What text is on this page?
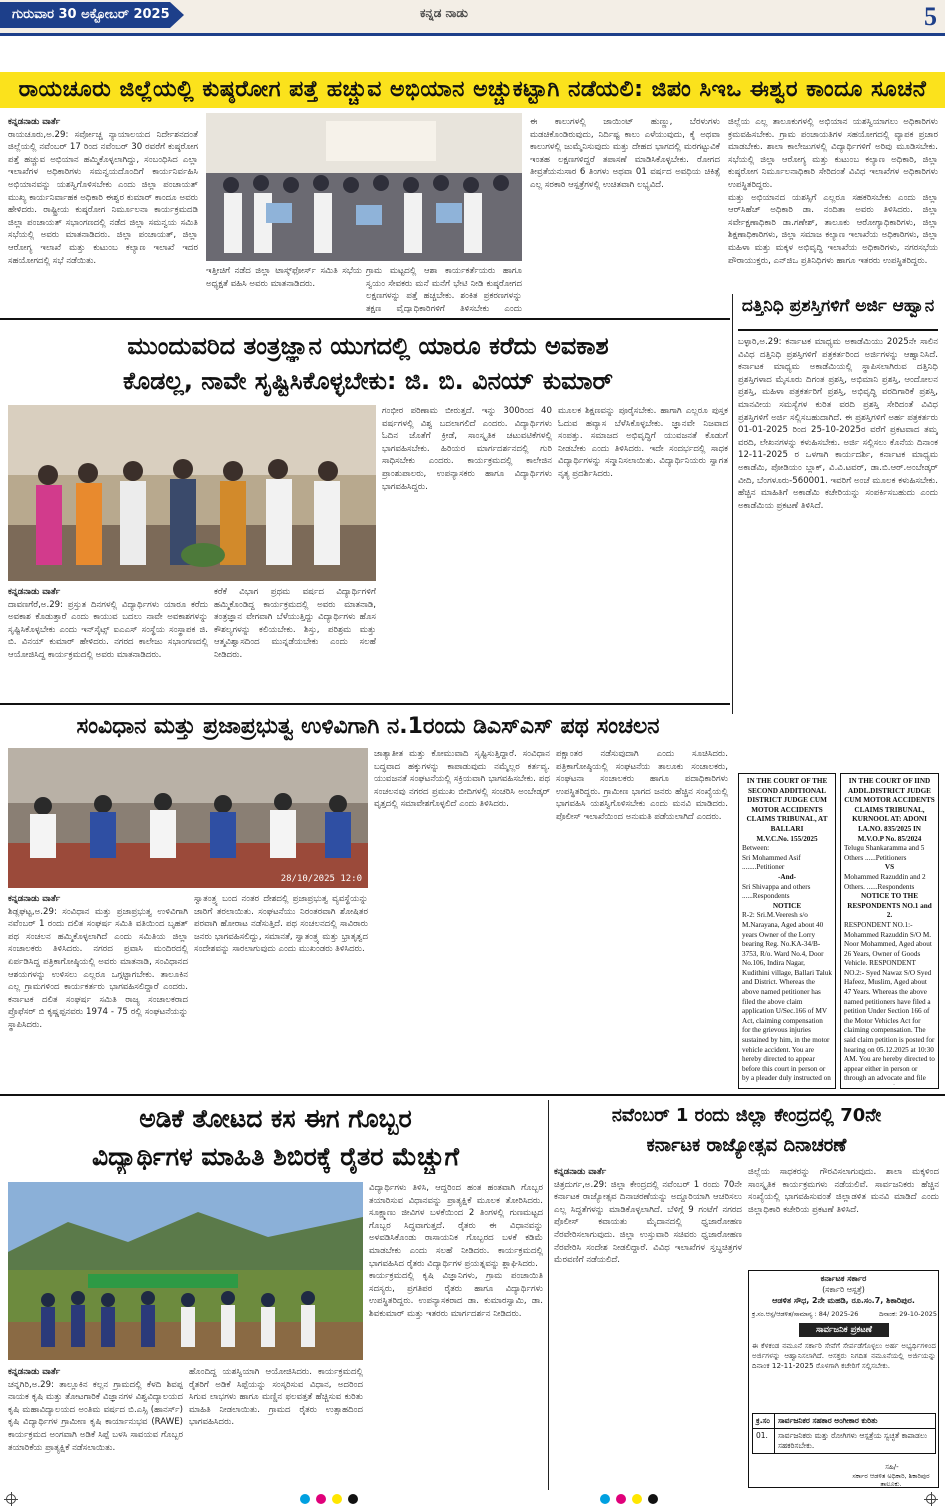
ಗುರುವಾರ 30 ಅಕ್ಟೋಬರ್ 2025	ಕನ್ನಡ ನಾಡು	5
ರಾಯಚೂರು ಜಿಲ್ಲೆಯಲ್ಲಿ ಕುಷ್ಠರೋಗ ಪತ್ತೆ ಹಚ್ಚುವ ಅಭಿಯಾನ ಅಚ್ಚುಕಟ್ಟಾಗಿ ನಡೆಯಲಿ: ಜಿಪಂ ಸಿಇಒ ಈಶ್ವರ ಕಾಂದೂ ಸೂಚನೆ
ಕನ್ನಡನಾಡು ವಾರ್ತೆ
ರಾಯಚೂರು,ಅ.29: ಸರ್ವೋಚ್ಚ ನ್ಯಾಯಾಲಯದ ನಿರ್ದೇಶನದಂತೆ ಜಿಲ್ಲೆಯಲ್ಲಿ ನವೆಂಬರ್ 17 ರಿಂದ ನವೆಂಬರ್ 30 ರವರೆಗೆ ಕುಷ್ಠರೋಗ ಪತ್ತೆ ಹಚ್ಚುವ ಅಭಿಯಾನ ಹಮ್ಮಿಕೊಳ್ಳಲಾಗಿದ್ದು, ಸಂಬಂಧಿಸಿದ ಎಲ್ಲಾ ಇಲಾಖೆಗಳ ಅಧಿಕಾರಿಗಳು ಸಮನ್ವಯದೊಂದಿಗೆ ಕಾರ್ಯನಿರ್ವಹಿಸಿ ಅಭಿಯಾನವನ್ನು ಯಶಸ್ವಿಗೊಳಿಸಬೇಕು ಎಂದು ಜಿಲ್ಲಾ ಪಂಚಾಯತ್ ಮುಖ್ಯ ಕಾರ್ಯನಿರ್ವಾಹಕ ಅಧಿಕಾರಿ ಈಶ್ವರ ಕುಮಾರ್ ಕಾಂದೂ ಅವರು ಹೇಳಿದರು. ರಾಷ್ಟ್ರೀಯ ಕುಷ್ಠರೋಗ ನಿರ್ಮೂಲನಾ ಕಾರ್ಯಕ್ರಮದಡಿ ಜಿಲ್ಲಾ ಪಂಚಾಯತ್ ಸಭಾಂಗಣದಲ್ಲಿ ನಡೆದ ಜಿಲ್ಲಾ ಸಮನ್ವಯ ಸಮಿತಿ ಸಭೆಯಲ್ಲಿ ಅವರು ಮಾತನಾಡಿದರು. ಜಿಲ್ಲಾ ಪಂಚಾಯತ್, ಜಿಲ್ಲಾ ಆರೋಗ್ಯ ಇಲಾಖೆ ಮತ್ತು ಕುಟುಂಬ ಕಲ್ಯಾಣ ಇಲಾಖೆ ಇದರ ಸಹಯೋಗದಲ್ಲಿ ಸಭೆ ನಡೆಯಿತು.
ಇತ್ತೀಚಿಗೆ ನಡೆದ ಜಿಲ್ಲಾ ಟಾಸ್ಕ್‌ಫೋರ್ಸ್ ಸಮಿತಿ ಸಭೆಯ ಅಧ್ಯಕ್ಷತೆ ವಹಿಸಿ ಅವರು ಮಾತನಾಡಿದರು.
ಗ್ರಾಮ ಮಟ್ಟದಲ್ಲಿ ಆಶಾ ಕಾರ್ಯಕರ್ತೆಯರು ಹಾಗೂ ಸ್ವಯಂ ಸೇವಕರು ಮನೆ ಮನೆಗೆ ಭೇಟಿ ನೀಡಿ ಕುಷ್ಠರೋಗದ ಲಕ್ಷಣಗಳನ್ನು ಪತ್ತೆ ಹಚ್ಚಬೇಕು. ಶಂಕಿತ ಪ್ರಕರಣಗಳನ್ನು ತಕ್ಷಣ ವೈದ್ಯಾಧಿಕಾರಿಗಳಿಗೆ ತಿಳಿಸಬೇಕು ಎಂದು
ಈ ಕಾಲುಗಳಲ್ಲಿ ಜಾಯಿಂಟ್ ಹುಣ್ಣು, ಬೆರಳುಗಳು ಮಡಚಿಕೊಂಡಿರುವುದು, ನಿರ್ದಿಷ್ಟ ಕಾಲು ಎಳೆಯುವುದು, ಕೈ ಅಥವಾ ಕಾಲುಗಳಲ್ಲಿ ಜುಮ್ಮೆನಿಸುವುದು ಮತ್ತು ದೇಹದ ಭಾಗದಲ್ಲಿ ಮರಗಟ್ಟುವಿಕೆ ಇಂತಹ ಲಕ್ಷಣಗಳಿದ್ದರೆ ತಪಾಸಣೆ ಮಾಡಿಸಿಕೊಳ್ಳಬೇಕು. ರೋಗದ ತೀವ್ರತೆಯನುಸಾರ 6 ತಿಂಗಳು ಅಥವಾ 01 ವರ್ಷದ ಅವಧಿಯ ಚಿಕಿತ್ಸೆ ಎಲ್ಲ ಸರಕಾರಿ ಆಸ್ಪತ್ರೆಗಳಲ್ಲಿ ಉಚಿತವಾಗಿ ಲಭ್ಯವಿದೆ.
ಜಿಲ್ಲೆಯ ಎಲ್ಲ ತಾಲೂಕುಗಳಲ್ಲಿ ಅಭಿಯಾನ ಯಶಸ್ವಿಯಾಗಲು ಅಧಿಕಾರಿಗಳು ಕ್ರಮವಹಿಸಬೇಕು. ಗ್ರಾಮ ಪಂಚಾಯತಿಗಳ ಸಹಯೋಗದಲ್ಲಿ ವ್ಯಾಪಕ ಪ್ರಚಾರ ಮಾಡಬೇಕು. ಶಾಲಾ ಕಾಲೇಜುಗಳಲ್ಲಿ ವಿದ್ಯಾರ್ಥಿಗಳಿಗೆ ಅರಿವು ಮೂಡಿಸಬೇಕು. ಸಭೆಯಲ್ಲಿ ಜಿಲ್ಲಾ ಆರೋಗ್ಯ ಮತ್ತು ಕುಟುಂಬ ಕಲ್ಯಾಣ ಅಧಿಕಾರಿ, ಜಿಲ್ಲಾ ಕುಷ್ಠರೋಗ ನಿರ್ಮೂಲನಾಧಿಕಾರಿ ಸೇರಿದಂತೆ ವಿವಿಧ ಇಲಾಖೆಗಳ ಅಧಿಕಾರಿಗಳು ಉಪಸ್ಥಿತರಿದ್ದರು.
ಮತ್ತು ಅಭಿಯಾನದ ಯಶಸ್ಸಿಗೆ ಎಲ್ಲರೂ ಸಹಕರಿಸಬೇಕು ಎಂದು ಜಿಲ್ಲಾ ಆರ್‌ಸಿಹೆಚ್ ಅಧಿಕಾರಿ ಡಾ. ನಂದಿತಾ ಅವರು ತಿಳಿಸಿದರು. ಜಿಲ್ಲಾ ಸರ್ವೇಕ್ಷಣಾಧಿಕಾರಿ ಡಾ.ಗಣೇಶ್, ತಾಲೂಕು ಆರೋಗ್ಯಾಧಿಕಾರಿಗಳು, ಜಿಲ್ಲಾ ಶಿಕ್ಷಣಾಧಿಕಾರಿಗಳು, ಜಿಲ್ಲಾ ಸಮಾಜ ಕಲ್ಯಾಣ ಇಲಾಖೆಯ ಅಧಿಕಾರಿಗಳು, ಜಿಲ್ಲಾ ಮಹಿಳಾ ಮತ್ತು ಮಕ್ಕಳ ಅಭಿವೃದ್ಧಿ ಇಲಾಖೆಯ ಅಧಿಕಾರಿಗಳು, ನಗರಸಭೆಯ ಪೌರಾಯುಕ್ತರು, ಎನ್‌ಜಿಒ ಪ್ರತಿನಿಧಿಗಳು ಹಾಗೂ ಇತರರು ಉಪಸ್ಥಿತರಿದ್ದರು.
ಮುಂದುವರಿದ ತಂತ್ರಜ್ಞಾನ ಯುಗದಲ್ಲಿ ಯಾರೂ ಕರೆದು ಅವಕಾಶ
ಕೊಡಲ್ಲ, ನಾವೇ ಸೃಷ್ಟಿಸಿಕೊಳ್ಳಬೇಕು: ಜಿ. ಬಿ. ವಿನಯ್ ಕುಮಾರ್
ಕನ್ನಡನಾಡು ವಾರ್ತೆ
ದಾವಣಗೆರೆ,ಅ.29: ಪ್ರಸ್ತುತ ದಿನಗಳಲ್ಲಿ ವಿದ್ಯಾರ್ಥಿಗಳು ಯಾರೂ ಕರೆದು ಅವಕಾಶ ಕೊಡುತ್ತಾರೆ ಎಂದು ಕಾಯುವ ಬದಲು ನಾವೇ ಅವಕಾಶಗಳನ್ನು ಸೃಷ್ಟಿಸಿಕೊಳ್ಳಬೇಕು ಎಂದು ಇನ್‌ಸೈಟ್ಸ್ ಐಎಎಸ್ ಸಂಸ್ಥೆಯ ಸಂಸ್ಥಾಪಕ ಜಿ. ಬಿ. ವಿನಯ್ ಕುಮಾರ್ ಹೇಳಿದರು. ನಗರದ ಕಾಲೇಜು ಸಭಾಂಗಣದಲ್ಲಿ ಆಯೋಜಿಸಿದ್ದ ಕಾರ್ಯಕ್ರಮದಲ್ಲಿ ಅವರು ಮಾತನಾಡಿದರು.
ಕರೆಕೆ ವಿಭಾಗ ಪ್ರಥಮ ವರ್ಷದ ವಿದ್ಯಾರ್ಥಿಗಳಿಗೆ ಹಮ್ಮಿಕೊಂಡಿದ್ದ ಕಾರ್ಯಕ್ರಮದಲ್ಲಿ ಅವರು ಮಾತನಾಡಿ, ತಂತ್ರಜ್ಞಾನ ವೇಗವಾಗಿ ಬೆಳೆಯುತ್ತಿದ್ದು ವಿದ್ಯಾರ್ಥಿಗಳು ಹೊಸ ಕೌಶಲ್ಯಗಳನ್ನು ಕಲಿಯಬೇಕು. ಶಿಸ್ತು, ಪರಿಶ್ರಮ ಮತ್ತು ಆತ್ಮವಿಶ್ವಾಸದಿಂದ ಮುನ್ನಡೆಯಬೇಕು ಎಂದು ಸಲಹೆ ನೀಡಿದರು.
ಗಂಭೀರ ಪರಿಣಾಮ ಬೀರುತ್ತದೆ. ಇನ್ನು 300ರಿಂದ 40 ವರ್ಷಗಳಲ್ಲಿ ವಿಶ್ವ ಬದಲಾಗಲಿದೆ ಎಂದರು. ವಿದ್ಯಾರ್ಥಿಗಳು ಓದಿನ ಜೊತೆಗೆ ಕ್ರೀಡೆ, ಸಾಂಸ್ಕೃತಿಕ ಚಟುವಟಿಕೆಗಳಲ್ಲಿ ಭಾಗವಹಿಸಬೇಕು. ಹಿರಿಯರ ಮಾರ್ಗದರ್ಶನದಲ್ಲಿ ಗುರಿ ಸಾಧಿಸಬೇಕು ಎಂದರು. ಕಾರ್ಯಕ್ರಮದಲ್ಲಿ ಕಾಲೇಜಿನ ಪ್ರಾಂಶುಪಾಲರು, ಉಪನ್ಯಾಸಕರು ಹಾಗೂ ವಿದ್ಯಾರ್ಥಿಗಳು ಭಾಗವಹಿಸಿದ್ದರು.
ಮೂಲಕ ಶಿಕ್ಷಣವನ್ನು ಪೂರೈಸಬೇಕು. ಹಾಗಾಗಿ ಎಲ್ಲರೂ ಪುಸ್ತಕ ಓದುವ ಹವ್ಯಾಸ ಬೆಳೆಸಿಕೊಳ್ಳಬೇಕು. ಜ್ಞಾನವೇ ನಿಜವಾದ ಸಂಪತ್ತು. ಸಮಾಜದ ಅಭಿವೃದ್ಧಿಗೆ ಯುವಜನತೆ ಕೊಡುಗೆ ನೀಡಬೇಕು ಎಂದು ತಿಳಿಸಿದರು. ಇದೇ ಸಂದರ್ಭದಲ್ಲಿ ಸಾಧಕ ವಿದ್ಯಾರ್ಥಿಗಳನ್ನು ಸನ್ಮಾನಿಸಲಾಯಿತು. ವಿದ್ಯಾರ್ಥಿನಿಯರು ಸ್ವಾಗತ ನೃತ್ಯ ಪ್ರದರ್ಶಿಸಿದರು.
ದತ್ತಿನಿಧಿ ಪ್ರಶಸ್ತಿಗಳಿಗೆ ಅರ್ಜಿ ಆಹ್ವಾನ
ಬಳ್ಳಾರಿ,ಅ.29: ಕರ್ನಾಟಕ ಮಾಧ್ಯಮ ಅಕಾಡೆಮಿಯು 2025ನೇ ಸಾಲಿನ ವಿವಿಧ ದತ್ತಿನಿಧಿ ಪ್ರಶಸ್ತಿಗಳಿಗೆ ಪತ್ರಕರ್ತರಿಂದ ಅರ್ಜಿಗಳನ್ನು ಆಹ್ವಾನಿಸಿದೆ. ಕರ್ನಾಟಕ ಮಾಧ್ಯಮ ಅಕಾಡೆಮಿಯಲ್ಲಿ ಸ್ಥಾಪಿಸಲಾಗಿರುವ ದತ್ತಿನಿಧಿ ಪ್ರಶಸ್ತಿಗಳಾದ ಮೈಸೂರು ದಿಗಂತ ಪ್ರಶಸ್ತಿ, ಅಭಿಮಾನಿ ಪ್ರಶಸ್ತಿ, ಆಂದೋಲನ ಪ್ರಶಸ್ತಿ, ಮಹಿಳಾ ಪತ್ರಕರ್ತರಿಗೆ ಪ್ರಶಸ್ತಿ, ಅಭಿವೃದ್ಧಿ ವರದಿಗಾರಿಕೆ ಪ್ರಶಸ್ತಿ, ಮಾನವೀಯ ಸಮಸ್ಯೆಗಳ ಕುರಿತ ವರದಿ ಪ್ರಶಸ್ತಿ ಸೇರಿದಂತೆ ವಿವಿಧ ಪ್ರಶಸ್ತಿಗಳಿಗೆ ಅರ್ಜಿ ಸಲ್ಲಿಸಬಹುದಾಗಿದೆ. ಈ ಪ್ರಶಸ್ತಿಗಳಿಗೆ ಅರ್ಹ ಪತ್ರಕರ್ತರು 01-01-2025 ರಿಂದ 25-10-2025ರ ವರೆಗೆ ಪ್ರಕಟವಾದ ತಮ್ಮ ವರದಿ, ಲೇಖನಗಳನ್ನು ಕಳುಹಿಸಬೇಕು. ಅರ್ಜಿ ಸಲ್ಲಿಸಲು ಕೊನೆಯ ದಿನಾಂಕ 12-11-2025 ರ ಒಳಗಾಗಿ ಕಾರ್ಯದರ್ಶಿ, ಕರ್ನಾಟಕ ಮಾಧ್ಯಮ ಅಕಾಡೆಮಿ, ಪೋಡಿಯಂ ಬ್ಲಾಕ್, ವಿ.ವಿ.ಟವರ್, ಡಾ.ಬಿ.ಆರ್.ಅಂಬೇಡ್ಕರ್ ವೀದಿ, ಬೆಂಗಳೂರು-560001. ಇವರಿಗೆ ಅಂಚೆ ಮೂಲಕ ಕಳುಹಿಸಬೇಕು. ಹೆಚ್ಚಿನ ಮಾಹಿತಿಗೆ ಅಕಾಡೆಮಿ ಕಚೇರಿಯನ್ನು ಸಂಪರ್ಕಿಸಬಹುದು ಎಂದು ಅಕಾಡೆಮಿಯ ಪ್ರಕಟಣೆ ತಿಳಿಸಿದೆ.
ಸಂವಿಧಾನ ಮತ್ತು ಪ್ರಜಾಪ್ರಭುತ್ವ ಉಳಿವಿಗಾಗಿ ನ.1ರಂದು ಡಿಎಸ್‌ಎಸ್ ಪಥ ಸಂಚಲನ
28/10/2025 12:0
ಕನ್ನಡನಾಡು ವಾರ್ತೆ
ಶಿಡ್ಲಘಟ್ಟ,ಅ.29: ಸಂವಿಧಾನ ಮತ್ತು ಪ್ರಜಾಪ್ರಭುತ್ವ ಉಳಿವಿಗಾಗಿ ನವೆಂಬರ್ 1 ರಂದು ದಲಿತ ಸಂಘರ್ಷ ಸಮಿತಿ ವತಿಯಿಂದ ಬೃಹತ್ ಪಥ ಸಂಚಲನ ಹಮ್ಮಿಕೊಳ್ಳಲಾಗಿದೆ ಎಂದು ಸಮಿತಿಯ ಜಿಲ್ಲಾ ಸಂಚಾಲಕರು ತಿಳಿಸಿದರು. ನಗರದ ಪ್ರವಾಸಿ ಮಂದಿರದಲ್ಲಿ ಏರ್ಪಡಿಸಿದ್ದ ಪತ್ರಿಕಾಗೋಷ್ಠಿಯಲ್ಲಿ ಅವರು ಮಾತನಾಡಿ, ಸಂವಿಧಾನದ ಆಶಯಗಳನ್ನು ಉಳಿಸಲು ಎಲ್ಲರೂ ಒಗ್ಗಟ್ಟಾಗಬೇಕು. ತಾಲೂಕಿನ ಎಲ್ಲ ಗ್ರಾಮಗಳಿಂದ ಕಾರ್ಯಕರ್ತರು ಭಾಗವಹಿಸಲಿದ್ದಾರೆ ಎಂದರು. ಕರ್ನಾಟಕ ದಲಿತ ಸಂಘರ್ಷ ಸಮಿತಿ ರಾಜ್ಯ ಸಂಚಾಲಕರಾದ ಪ್ರೊಫೆಸರ್ ಬಿ ಕೃಷ್ಣಪ್ಪನವರು 1974 - 75 ರಲ್ಲಿ ಸಂಘಟನೆಯನ್ನು ಸ್ಥಾಪಿಸಿದರು.
ಸ್ವಾತಂತ್ರ್ಯ ಬಂದ ನಂತರ ದೇಶದಲ್ಲಿ ಪ್ರಜಾಪ್ರಭುತ್ವ ವ್ಯವಸ್ಥೆಯನ್ನು ಜಾರಿಗೆ ತರಲಾಯಿತು. ಸಂಘಟನೆಯು ನಿರಂತರವಾಗಿ ಶೋಷಿತರ ಪರವಾಗಿ ಹೋರಾಟ ನಡೆಸುತ್ತಿದೆ. ಪಥ ಸಂಚಲನದಲ್ಲಿ ಸಾವಿರಾರು ಜನರು ಭಾಗವಹಿಸಲಿದ್ದು, ಸಮಾನತೆ, ಸ್ವಾತಂತ್ರ್ಯ ಮತ್ತು ಭ್ರಾತೃತ್ವದ ಸಂದೇಶವನ್ನು ಸಾರಲಾಗುವುದು ಎಂದು ಮುಖಂಡರು ತಿಳಿಸಿದರು.
ಜಾತ್ಯಾತೀತ ಮತ್ತು ಕೋಮುವಾದಿ ಸೃಷ್ಟಿಸುತ್ತಿದ್ದಾರೆ. ಸಂವಿಧಾನ ಬದ್ಧವಾದ ಹಕ್ಕುಗಳನ್ನು ಕಾಪಾಡುವುದು ನಮ್ಮೆಲ್ಲರ ಕರ್ತವ್ಯ. ಯುವಜನತೆ ಸಂಘಟನೆಯಲ್ಲಿ ಸಕ್ರಿಯವಾಗಿ ಭಾಗವಹಿಸಬೇಕು. ಪಥ ಸಂಚಲನವು ನಗರದ ಪ್ರಮುಖ ಬೀದಿಗಳಲ್ಲಿ ಸಂಚರಿಸಿ ಅಂಬೇಡ್ಕರ್ ವೃತ್ತದಲ್ಲಿ ಸಮಾವೇಶಗೊಳ್ಳಲಿದೆ ಎಂದು ತಿಳಿಸಿದರು.
ಪಕ್ಷಾಂತರ ನಡೆಸುವುದಾಗಿ ಎಂದು ಸೂಚಿಸಿದರು. ಪತ್ರಿಕಾಗೋಷ್ಠಿಯಲ್ಲಿ ಸಂಘಟನೆಯ ತಾಲೂಕು ಸಂಚಾಲಕರು, ಸಂಘಟನಾ ಸಂಚಾಲಕರು ಹಾಗೂ ಪದಾಧಿಕಾರಿಗಳು ಉಪಸ್ಥಿತರಿದ್ದರು. ಗ್ರಾಮೀಣ ಭಾಗದ ಜನರು ಹೆಚ್ಚಿನ ಸಂಖ್ಯೆಯಲ್ಲಿ ಭಾಗವಹಿಸಿ ಯಶಸ್ವಿಗೊಳಿಸಬೇಕು ಎಂದು ಮನವಿ ಮಾಡಿದರು. ಪೊಲೀಸ್ ಇಲಾಖೆಯಿಂದ ಅನುಮತಿ ಪಡೆಯಲಾಗಿದೆ ಎಂದರು.
IN THE COURT OF THE SECOND ADDITIONAL DISTRICT JUDGE CUM MOTOR ACCIDENTS CLAIMS TRIBUNAL, AT BALLARI
M.V.C.No. 155/2025
Between:
Sri Mohammed Asif ........Petitioner
-And-
Sri Shivappa and others ......Respondents
NOTICE
R-2: Sri.M.Veeresh s/o M.Narayana, Aged about 40 years Owner of the Lorry bearing Reg. No.KA-34/B-3753, R/o. Ward No.4, Door No.106, Indira Nagar, Kudithini village, Ballari Taluk and District. Whereas the above named petitioner has filed the above claim application U/Sec.166 of MV Act, claiming compensation for the grievous injuries sustained by him, in the motor vehicle accident. You are hereby directed to appear before this court in person or by a pleader duly instructed on
IN THE COURT OF IIND ADDL.DISTRICT JUDGE CUM MOTOR ACCIDENTS CLAIMS TRIBUNAL, KURNOOL AT: ADONI
I.A.NO. 835/2025 IN M.V.O.P No. 85/2024
Telugu Shankaramma and 5 Others ......Petitioners
VS
Mohammed Razuddin and 2 Others. ......Respondents
NOTICE TO THE RESPONDENTS NO.1 and 2.
RESPONDENT NO.1:- Mohammed Razuddin S/O M. Noor Mohammed, Aged about 26 Years, Owner of Goods Vehicle. RESPONDENT NO.2:- Syed Nawaz S/O Syed Hafeez, Muslim, Aged about 47 Years. Whereas the above named petitioners have filed a petition Under Section 166 of the Motor Vehicles Act for claiming compensation. The said claim petition is posted for hearing on 05.12.2025 at 10:30 AM. You are hereby directed to appear either in person or through an advocate and file
ಅಡಿಕೆ ತೋಟದ ಕಸ ಈಗ ಗೊಬ್ಬರ
ವಿದ್ಯಾರ್ಥಿಗಳ ಮಾಹಿತಿ ಶಿಬಿರಕ್ಕೆ ರೈತರ ಮೆಚ್ಚುಗೆ
ಕನ್ನಡನಾಡು ವಾರ್ತೆ
ಚನ್ನಗಿರಿ,ಅ.29: ತಾಲ್ಲೂಕಿನ ಕಲ್ಲನ ಗ್ರಾಮದಲ್ಲಿ ಕೆಳದಿ ಶಿವಪ್ಪ ನಾಯಕ ಕೃಷಿ ಮತ್ತು ತೋಟಗಾರಿಕೆ ವಿಜ್ಞಾನಗಳ ವಿಶ್ವವಿದ್ಯಾಲಯದ ಕೃಷಿ ಮಹಾವಿದ್ಯಾಲಯದ ಅಂತಿಮ ವರ್ಷದ ಬಿ.ಎಸ್ಸಿ (ಹಾನರ್ಸ್) ಕೃಷಿ ವಿದ್ಯಾರ್ಥಿಗಳ ಗ್ರಾಮೀಣ ಕೃಷಿ ಕಾರ್ಯಾನುಭವ (RAWE) ಕಾರ್ಯಕ್ರಮದ ಅಂಗವಾಗಿ ಅಡಿಕೆ ಸಿಪ್ಪೆ ಬಳಸಿ ಸಾವಯವ ಗೊಬ್ಬರ ತಯಾರಿಕೆಯ ಪ್ರಾತ್ಯಕ್ಷಿಕೆ ನಡೆಸಲಾಯಿತು.
ಹೊಂದಿದ್ದ ಯಶಸ್ವಿಯಾಗಿ ಆಯೋಜಿಸಿದರು. ಕಾರ್ಯಕ್ರಮದಲ್ಲಿ ರೈತರಿಗೆ ಅಡಿಕೆ ಸಿಪ್ಪೆಯನ್ನು ಸಂಸ್ಕರಿಸುವ ವಿಧಾನ, ಅದರಿಂದ ಸಿಗುವ ಲಾಭಗಳು ಹಾಗೂ ಮಣ್ಣಿನ ಫಲವತ್ತತೆ ಹೆಚ್ಚಿಸುವ ಕುರಿತು ಮಾಹಿತಿ ನೀಡಲಾಯಿತು. ಗ್ರಾಮದ ರೈತರು ಉತ್ಸಾಹದಿಂದ ಭಾಗವಹಿಸಿದರು.
ವಿದ್ಯಾರ್ಥಿಗಳು ತಿಳಿಸಿ, ಆದ್ದರಿಂದ ಹಂತ ಹಂತವಾಗಿ ಗೊಬ್ಬರ ತಯಾರಿಸುವ ವಿಧಾನವನ್ನು ಪ್ರಾತ್ಯಕ್ಷಿಕೆ ಮೂಲಕ ತೋರಿಸಿದರು. ಸೂಕ್ಷ್ಮಾಣು ಜೀವಿಗಳ ಬಳಕೆಯಿಂದ 2 ತಿಂಗಳಲ್ಲಿ ಗುಣಮಟ್ಟದ ಗೊಬ್ಬರ ಸಿದ್ಧವಾಗುತ್ತದೆ. ರೈತರು ಈ ವಿಧಾನವನ್ನು ಅಳವಡಿಸಿಕೊಂಡು ರಾಸಾಯನಿಕ ಗೊಬ್ಬರದ ಬಳಕೆ ಕಡಿಮೆ ಮಾಡಬೇಕು ಎಂದು ಸಲಹೆ ನೀಡಿದರು. ಕಾರ್ಯಕ್ರಮದಲ್ಲಿ ಭಾಗವಹಿಸಿದ ರೈತರು ವಿದ್ಯಾರ್ಥಿಗಳ ಪ್ರಯತ್ನವನ್ನು ಶ್ಲಾಘಿಸಿದರು.
ಕಾರ್ಯಕ್ರಮದಲ್ಲಿ ಕೃಷಿ ವಿಜ್ಞಾನಿಗಳು, ಗ್ರಾಮ ಪಂಚಾಯಿತಿ ಸದಸ್ಯರು, ಪ್ರಗತಿಪರ ರೈತರು ಹಾಗೂ ವಿದ್ಯಾರ್ಥಿಗಳು ಉಪಸ್ಥಿತರಿದ್ದರು. ಉಪನ್ಯಾಸಕರಾದ ಡಾ. ಕುಮಾರಸ್ವಾಮಿ, ಡಾ. ಶಿವಕುಮಾರ್ ಮತ್ತು ಇತರರು ಮಾರ್ಗದರ್ಶನ ನೀಡಿದರು.
ನವೆಂಬರ್ 1 ರಂದು ಜಿಲ್ಲಾ ಕೇಂದ್ರದಲ್ಲಿ 70ನೇ
ಕರ್ನಾಟಕ ರಾಜ್ಯೋತ್ಸವ ದಿನಾಚರಣೆ
ಕನ್ನಡನಾಡು ವಾರ್ತೆ
ಚಿತ್ರದುರ್ಗ,ಅ.29: ಜಿಲ್ಲಾ ಕೇಂದ್ರದಲ್ಲಿ ನವೆಂಬರ್ 1 ರಂದು 70ನೇ ಕರ್ನಾಟಕ ರಾಜ್ಯೋತ್ಸವ ದಿನಾಚರಣೆಯನ್ನು ಅದ್ದೂರಿಯಾಗಿ ಆಚರಿಸಲು ಎಲ್ಲ ಸಿದ್ಧತೆಗಳನ್ನು ಮಾಡಿಕೊಳ್ಳಲಾಗಿದೆ. ಬೆಳಿಗ್ಗೆ 9 ಗಂಟೆಗೆ ನಗರದ ಪೊಲೀಸ್ ಕವಾಯತು ಮೈದಾನದಲ್ಲಿ ಧ್ವಜಾರೋಹಣ ನೆರವೇರಿಸಲಾಗುವುದು. ಜಿಲ್ಲಾ ಉಸ್ತುವಾರಿ ಸಚಿವರು ಧ್ವಜಾರೋಹಣ ನೆರವೇರಿಸಿ ಸಂದೇಶ ನೀಡಲಿದ್ದಾರೆ. ವಿವಿಧ ಇಲಾಖೆಗಳ ಸ್ತಬ್ಧಚಿತ್ರಗಳ ಮೆರವಣಿಗೆ ನಡೆಯಲಿದೆ.
ಜಿಲ್ಲೆಯ ಸಾಧಕರನ್ನು ಗೌರವಿಸಲಾಗುವುದು. ಶಾಲಾ ಮಕ್ಕಳಿಂದ ಸಾಂಸ್ಕೃತಿಕ ಕಾರ್ಯಕ್ರಮಗಳು ನಡೆಯಲಿವೆ. ಸಾರ್ವಜನಿಕರು ಹೆಚ್ಚಿನ ಸಂಖ್ಯೆಯಲ್ಲಿ ಭಾಗವಹಿಸುವಂತೆ ಜಿಲ್ಲಾಡಳಿತ ಮನವಿ ಮಾಡಿದೆ ಎಂದು ಜಿಲ್ಲಾಧಿಕಾರಿ ಕಚೇರಿಯ ಪ್ರಕಟಣೆ ತಿಳಿಸಿದೆ.
ಕರ್ನಾಟಕ ಸರ್ಕಾರ
(ಸರ್ಕಾರಿ ಆಸ್ಪತ್ರೆ)
ಆಡಳಿತ ಸೌಧ, 2ನೇ ಮಹಡಿ, ರೂ.ಸಂ.7, ಶಿಕಾರಿಪುರ.
ಕ್ರ.ಸಂ.ಆಸ್ಪ/ಆಡಳಿತ/ಸಾಮಾನ್ಯ : 84/ 2025-26	ದಿನಾಂಕ: 29-10-2025
ಸಾರ್ವಜನಿಕ ಪ್ರಕಟಣೆ
ಈ ಕೆಳಕಂಡ ನಮೂನೆ ಸರ್ಕಾರಿ ಸೇವೆಗೆ ಸೇರ್ಪಡೆಗೊಳ್ಳಲು ಅರ್ಹ ಅಭ್ಯರ್ಥಿಗಳಿಂದ ಅರ್ಜಿಗಳನ್ನು ಆಹ್ವಾನಿಸಲಾಗಿದೆ. ಆಸಕ್ತರು ನಿಗದಿತ ನಮೂನೆಯಲ್ಲಿ ಅರ್ಜಿಯನ್ನು ದಿನಾಂಕ 12-11-2025 ರೊಳಗಾಗಿ ಕಚೇರಿಗೆ ಸಲ್ಲಿಸಬೇಕು.
ಕ್ರ.ಸಂ	ಸಾರ್ವಜನಿಕರ ಸಹಕಾರ ಅಂಗೀಕಾರ ಕುರಿತು
01.	ಸಾರ್ವಜನಿಕರು ಮತ್ತು ರೋಗಿಗಳು ಆಸ್ಪತ್ರೆಯ ಸ್ವಚ್ಛತೆ ಕಾಪಾಡಲು ಸಹಕರಿಸಬೇಕು.
ಸಹಿ/-
ಸರ್ಕಾರ ಆಡಳಿತ ಅಧಿಕಾರಿ, ಶಿಕಾರಿಪುರ ತಾಲೂಕು.
